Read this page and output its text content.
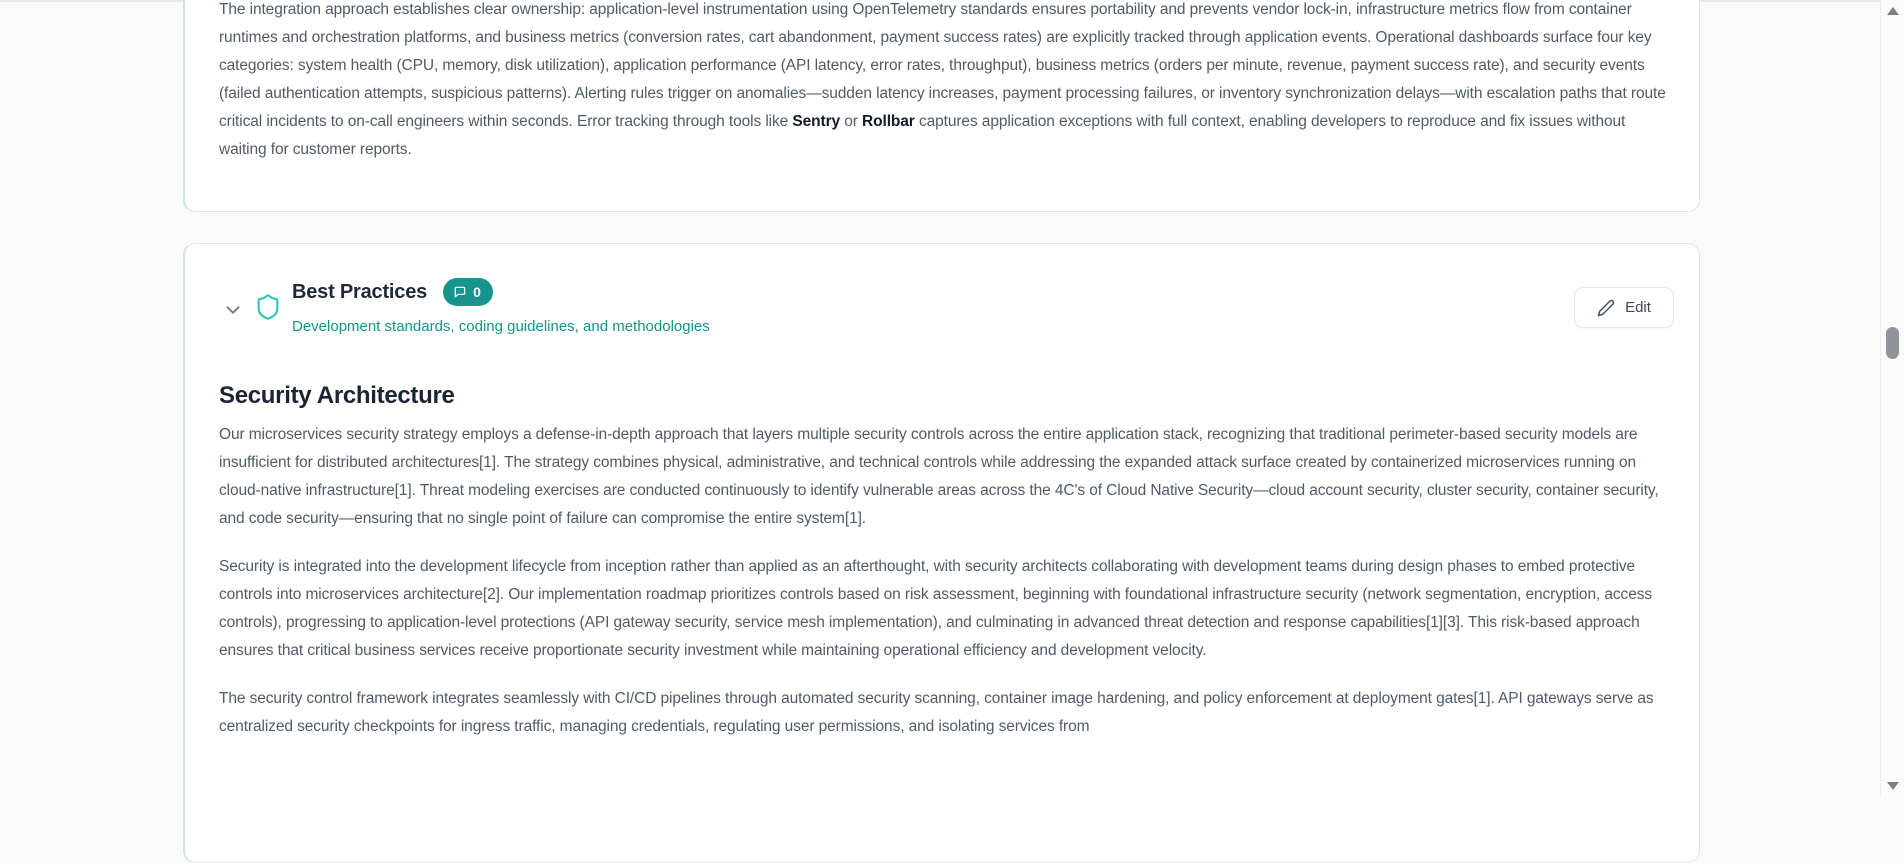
The integration approach establishes clear ownership: application-level instrumentation using OpenTelemetry standards ensures portability and prevents vendor lock-in, infrastructure metrics flow from container runtimes and orchestration platforms, and business metrics (conversion rates, cart abandonment, payment success rates) are explicitly tracked through application events. Operational dashboards surface four key categories: system health (CPU, memory, disk utilization), application performance (API latency, error rates, throughput), business metrics (orders per minute, revenue, payment success rate), and security events (failed authentication attempts, suspicious patterns). Alerting rules trigger on anomalies—sudden latency increases, payment processing failures, or inventory synchronization delays—with escalation paths that route critical incidents to on-call engineers within seconds. Error tracking through tools like Sentry or Rollbar captures application exceptions with full context, enabling developers to reproduce and fix issues without waiting for customer reports.
Best Practices	0
Development standards, coding guidelines, and methodologies
Edit
Security Architecture

Our microservices security strategy employs a defense-in-depth approach that layers multiple security controls across the entire application stack, recognizing that traditional perimeter-based security models are insufficient for distributed architectures[1]. The strategy combines physical, administrative, and technical controls while addressing the expanded attack surface created by containerized microservices running on cloud-native infrastructure[1]. Threat modeling exercises are conducted continuously to identify vulnerable areas across the 4C's of Cloud Native Security—cloud account security, cluster security, container security, and code security—ensuring that no single point of failure can compromise the entire system[1].

Security is integrated into the development lifecycle from inception rather than applied as an afterthought, with security architects collaborating with development teams during design phases to embed protective controls into microservices architecture[2]. Our implementation roadmap prioritizes controls based on risk assessment, beginning with foundational infrastructure security (network segmentation, encryption, access controls), progressing to application-level protections (API gateway security, service mesh implementation), and culminating in advanced threat detection and response capabilities[1][3]. This risk-based approach ensures that critical business services receive proportionate security investment while maintaining operational efficiency and development velocity.

The security control framework integrates seamlessly with CI/CD pipelines through automated security scanning, container image hardening, and policy enforcement at deployment gates[1]. API gateways serve as centralized security checkpoints for ingress traffic, managing credentials, regulating user permissions, and isolating services from
